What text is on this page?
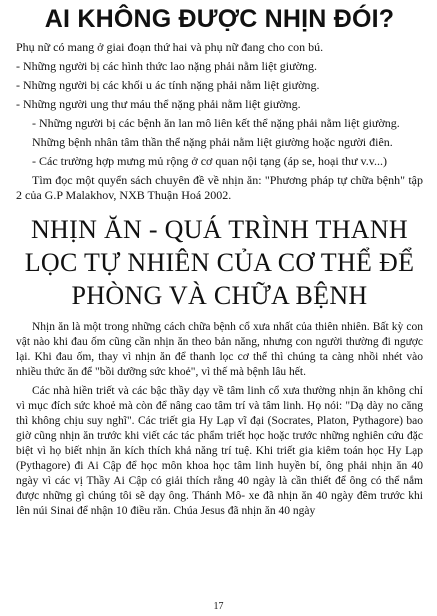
AI KHÔNG ĐƯỢC NHỊN ĐÓI?

Phụ nữ có mang ở giai đoạn thứ hai và phụ nữ đang cho con bú.

- Những người bị các hình thức lao nặng phải nằm liệt giường.

- Những người bị các khối u ác tính nặng phải nằm liệt giường.

- Những người ung thư máu thể nặng phải nằm liệt giường.

- Những người bị các bệnh ăn lan mô liên kết thể nặng phải nằm liệt giường.

Những bệnh nhân tâm thần thể nặng phải nằm liệt giường hoặc người điên.

- Các trường hợp mưng mủ rộng ở cơ quan nội tạng (áp se, hoại thư v.v...)

Tìm đọc một quyển sách chuyên đề về nhịn ăn: "Phương pháp tự chữa bệnh" tập 2 của G.P Malakhov, NXB Thuận Hoá 2002.

NHỊN ĂN - QUÁ TRÌNH THANH LỌC TỰ NHIÊN CỦA CƠ THỂ ĐỂ PHÒNG VÀ CHỮA BỆNH

Nhịn ăn là một trong những cách chữa bệnh cổ xưa nhất của thiên nhiên. Bất kỳ con vật nào khi đau ốm cũng cần nhịn ăn theo bản năng, nhưng con người thường đi ngược lại. Khi đau ốm, thay vì nhịn ăn để thanh lọc cơ thể thì chúng ta càng nhồi nhét vào nhiều thức ăn để "bồi dưỡng sức khoẻ", vì thế mà bệnh lâu hết.

Các nhà hiền triết và các bậc thầy dạy về tâm linh cổ xưa thường nhịn ăn không chỉ vì mục đích sức khoẻ mà còn để nâng cao tâm trí và tâm linh. Họ nói: "Dạ dày no căng thì không chịu suy nghĩ". Các triết gia Hy Lạp vĩ đại (Socrates, Platon, Pythagore) bao giờ cũng nhịn ăn trước khi viết các tác phẩm triết học hoặc trước những nghiên cứu đặc biệt vì họ biết nhịn ăn kích thích khả năng trí tuệ. Khi triết gia kiêm toán học Hy Lạp (Pythagore) đi Ai Cập để học môn khoa học tâm linh huyền bí, ông phải nhịn ăn 40 ngày vì các vị Thầy Ai Cập có giải thích rằng 40 ngày là cần thiết để ông có thể nắm được những gì chúng tôi sẽ dạy ông. Thánh Mô- xe đã nhịn ăn 40 ngày đêm trước khi lên núi Sinai để nhận 10 điều răn. Chúa Jesus đã nhịn ăn 40 ngày

17
